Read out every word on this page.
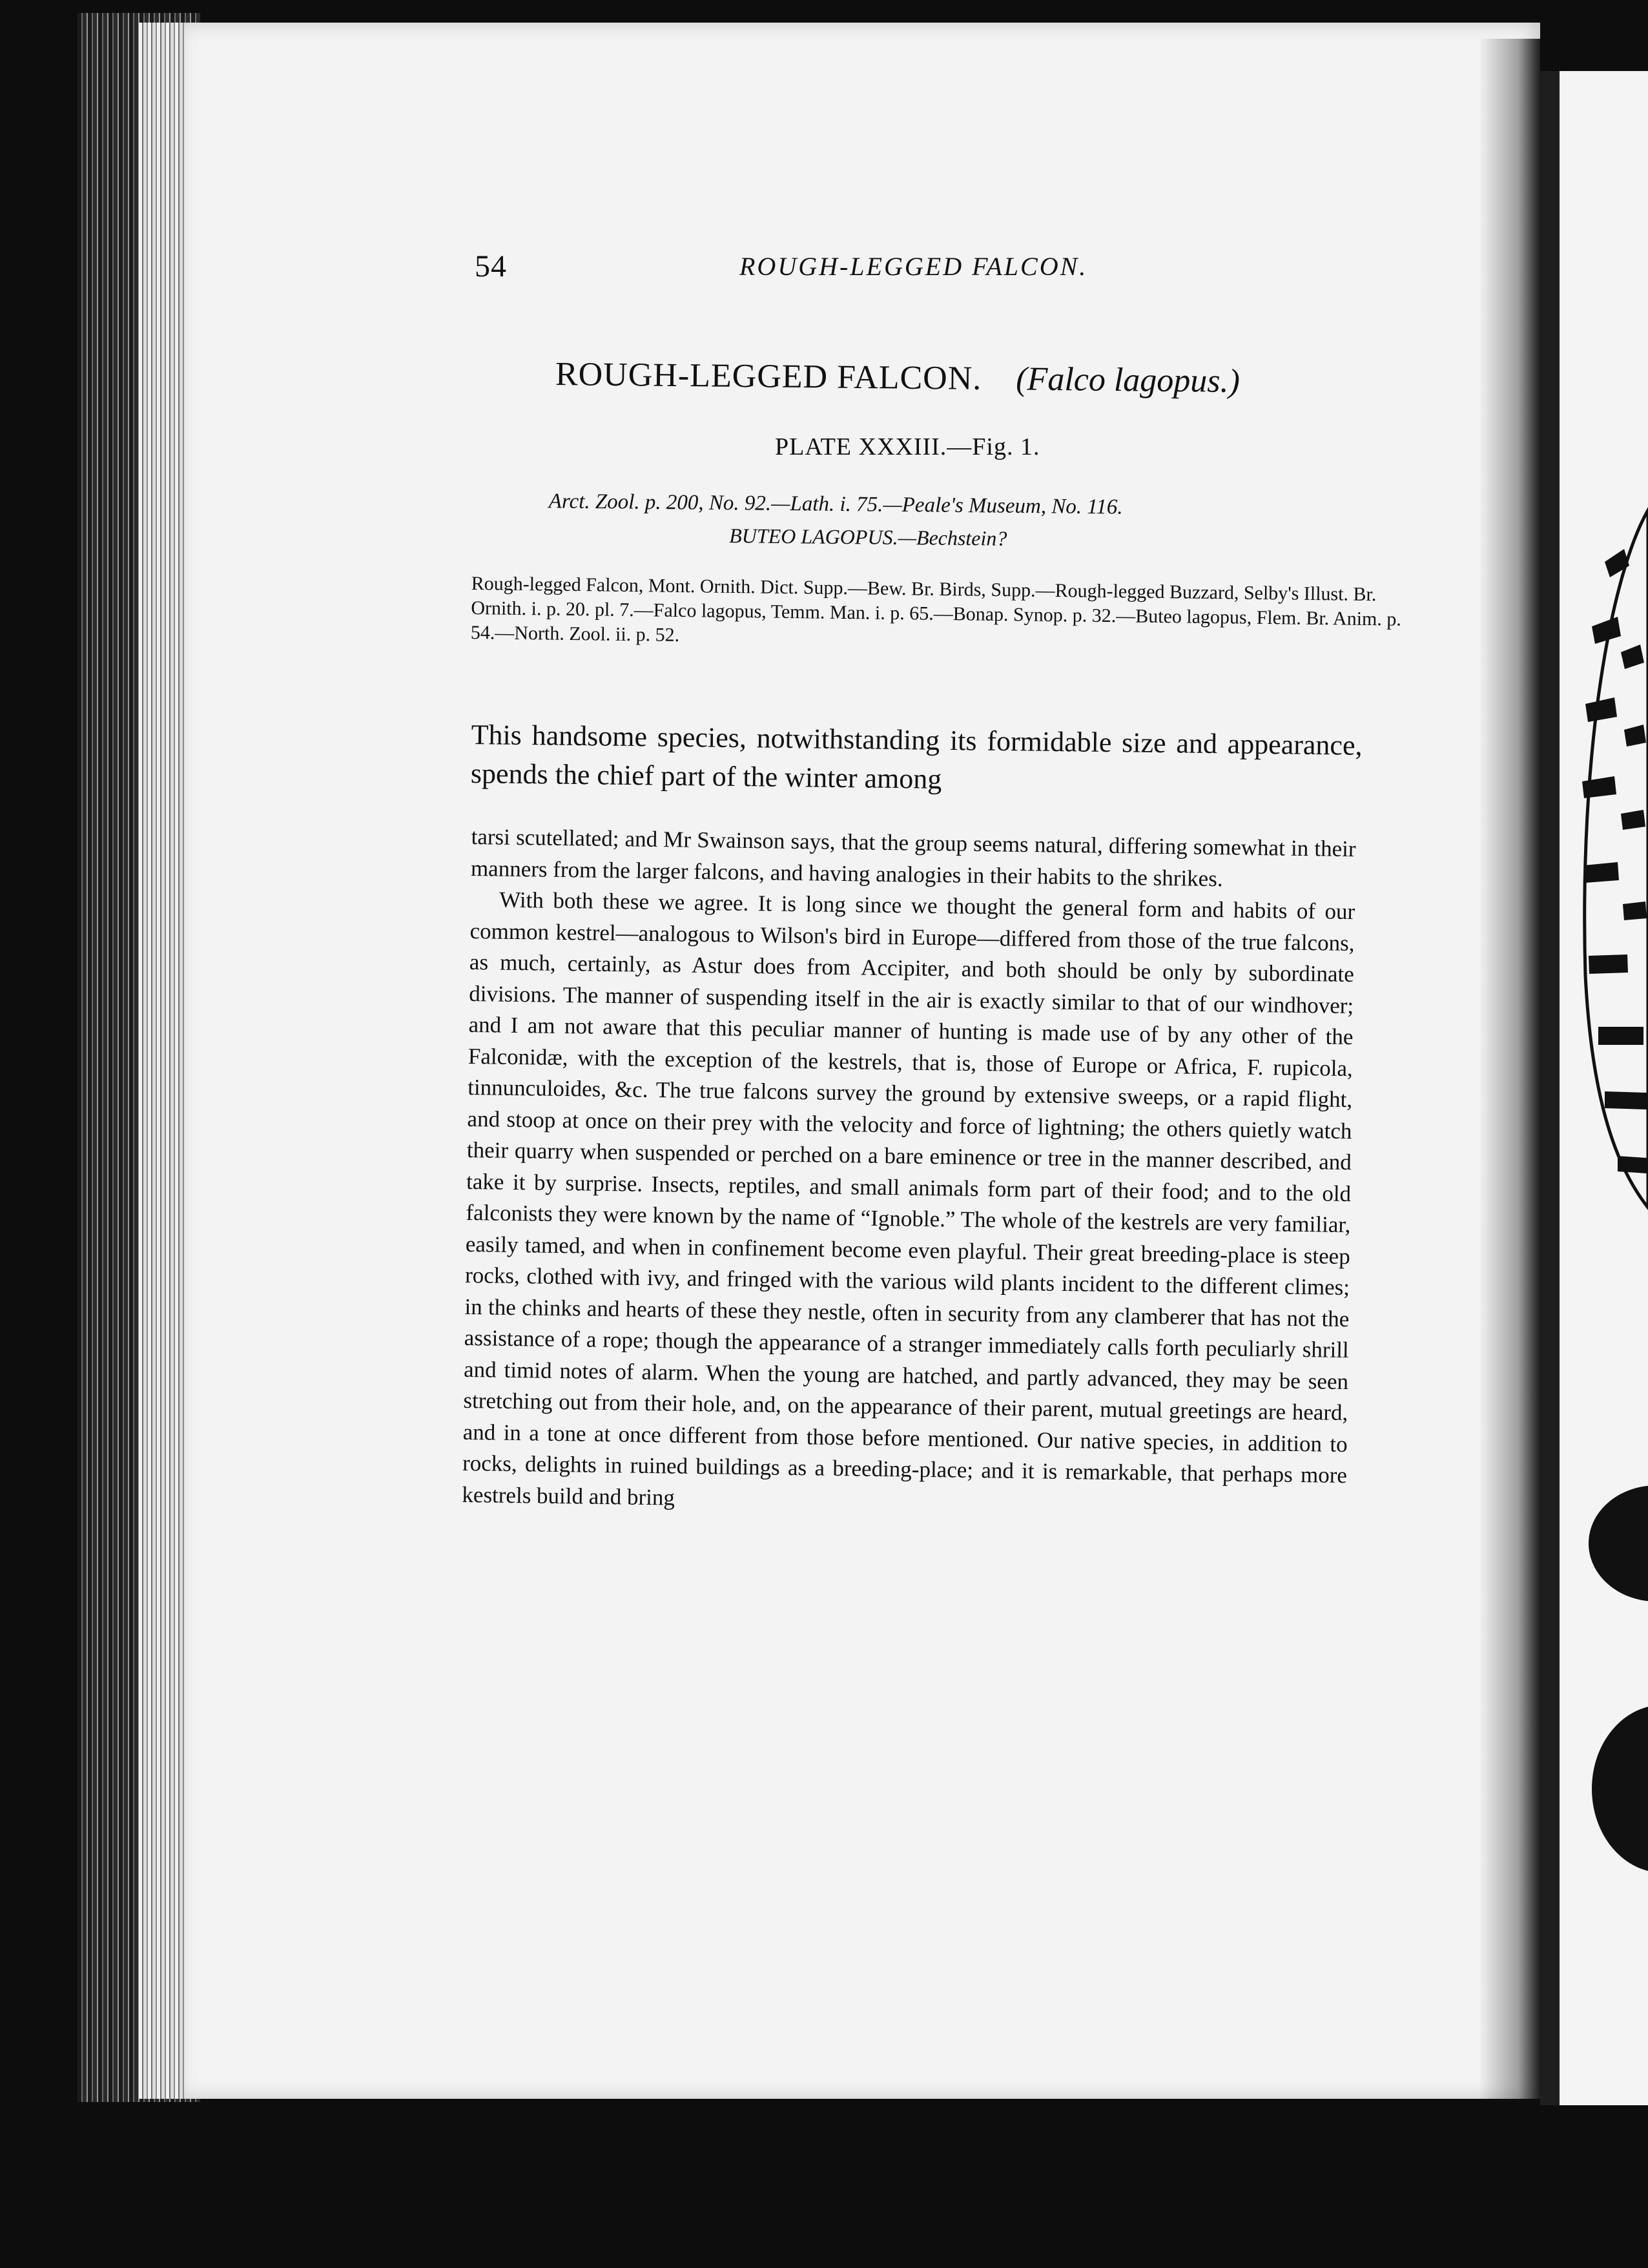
54	ROUGH-LEGGED FALCON.
ROUGH-LEGGED FALCON. (Falco lagopus.)
PLATE XXXIII.—Fig. 1.
Arct. Zool. p. 200, No. 92.—Lath. i. 75.—Peale's Museum, No. 116.
BUTEO LAGOPUS.—Bechstein?
Rough-legged Falcon, Mont. Ornith. Dict. Supp.—Bew. Br. Birds, Supp.—Rough-legged Buzzard, Selby's Illust. Br. Ornith. i. p. 20. pl. 7.—Falco lagopus, Temm. Man. i. p. 65.—Bonap. Synop. p. 32.—Buteo lagopus, Flem. Br. Anim. p. 54.—North. Zool. ii. p. 52.

This handsome species, notwithstanding its formidable size and appearance, spends the chief part of the winter among

tarsi scutellated; and Mr Swainson says, that the group seems natural, differing somewhat in their manners from the larger falcons, and having analogies in their habits to the shrikes.

With both these we agree. It is long since we thought the general form and habits of our common kestrel—analogous to Wilson's bird in Europe—differed from those of the true falcons, as much, certainly, as Astur does from Accipiter, and both should be only by subordinate divisions. The manner of suspending itself in the air is exactly similar to that of our windhover; and I am not aware that this peculiar manner of hunting is made use of by any other of the Falconidæ, with the exception of the kestrels, that is, those of Europe or Africa, F. rupicola, tinnunculoides, &c. The true falcons survey the ground by extensive sweeps, or a rapid flight, and stoop at once on their prey with the velocity and force of lightning; the others quietly watch their quarry when suspended or perched on a bare eminence or tree in the manner described, and take it by surprise. Insects, reptiles, and small animals form part of their food; and to the old falconists they were known by the name of “Ignoble.” The whole of the kestrels are very familiar, easily tamed, and when in confinement become even playful. Their great breeding-place is steep rocks, clothed with ivy, and fringed with the various wild plants incident to the different climes; in the chinks and hearts of these they nestle, often in security from any clamberer that has not the assistance of a rope; though the appearance of a stranger immediately calls forth peculiarly shrill and timid notes of alarm. When the young are hatched, and partly advanced, they may be seen stretching out from their hole, and, on the appearance of their parent, mutual greetings are heard, and in a tone at once different from those before mentioned. Our native species, in addition to rocks, delights in ruined buildings as a breeding-place; and it is remarkable, that perhaps more kestrels build and bring
